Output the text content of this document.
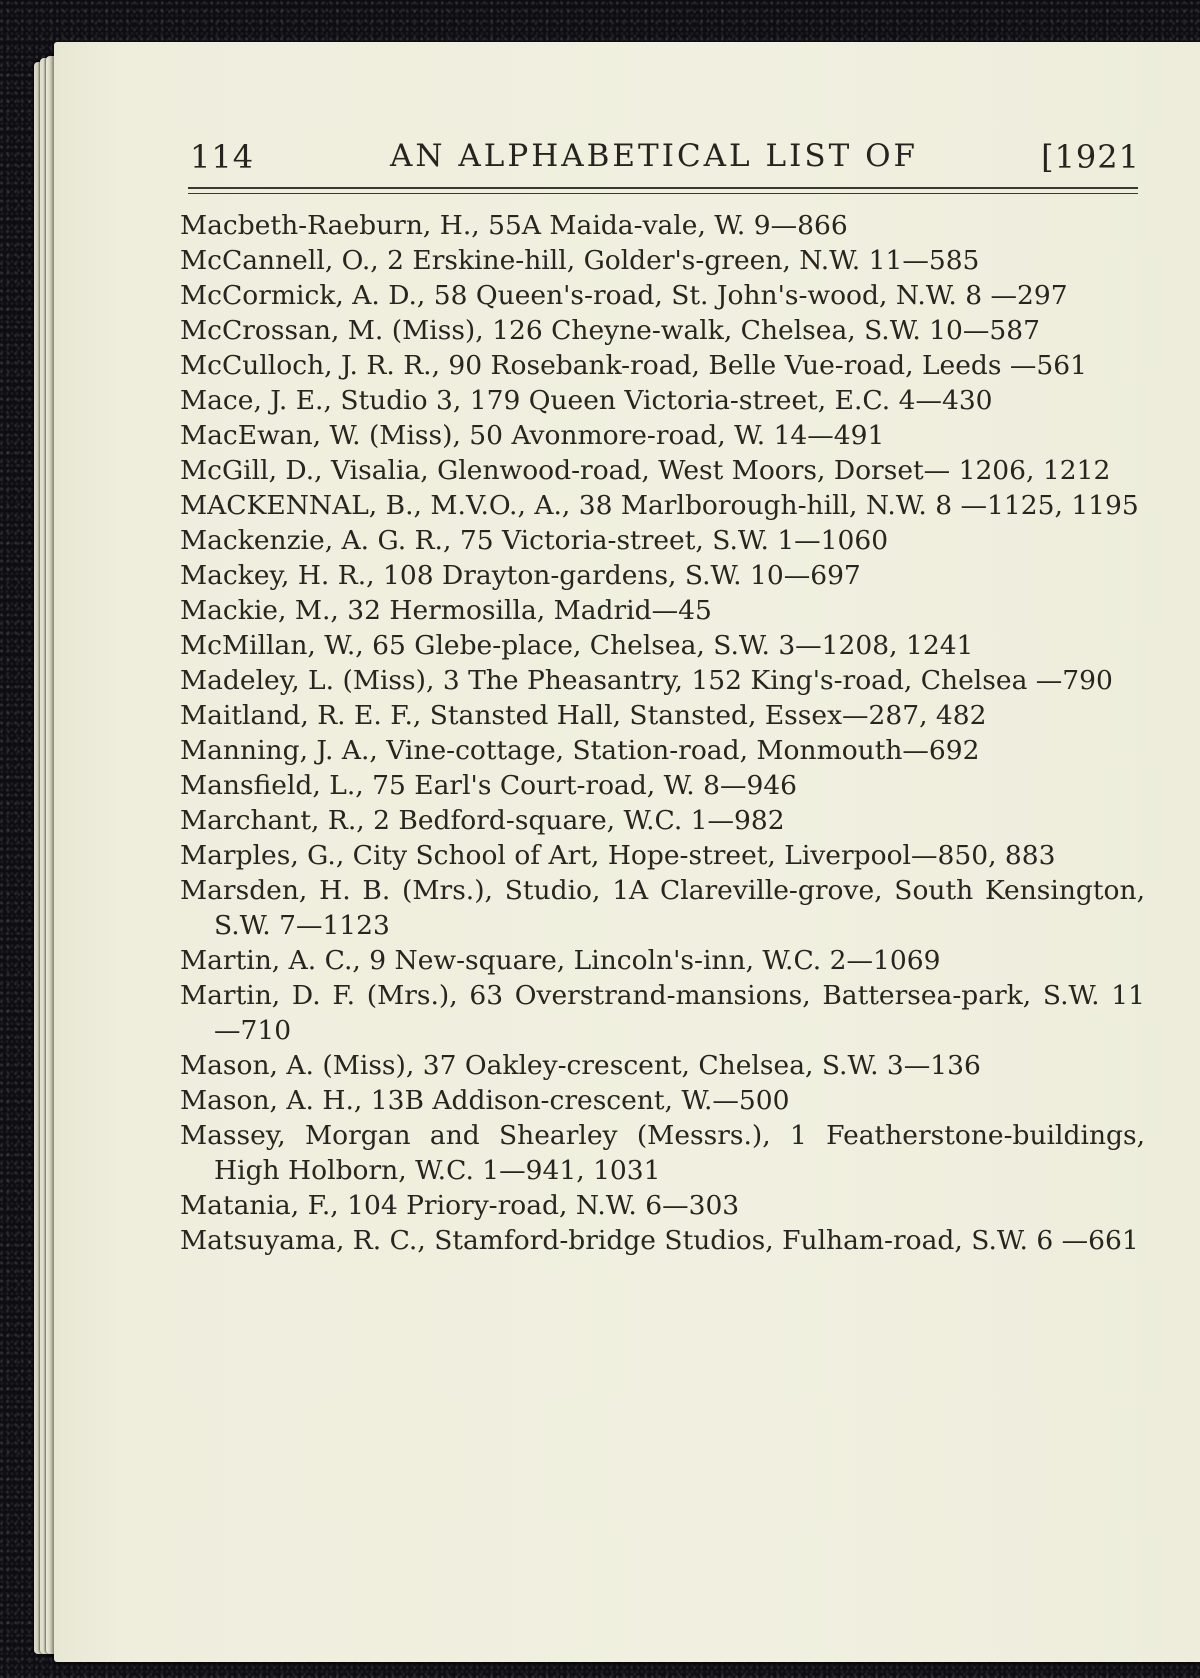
114	AN ALPHABETICAL LIST OF	[1921
Macbeth-Raeburn, H., 55A Maida-vale, W. 9—866
McCannell, O., 2 Erskine-hill, Golder's-green, N.W. 11—585
McCormick, A. D., 58 Queen's-road, St. John's-wood, N.W. 8 —297
McCrossan, M. (Miss), 126 Cheyne-walk, Chelsea, S.W. 10—587
McCulloch, J. R. R., 90 Rosebank-road, Belle Vue-road, Leeds —561
Mace, J. E., Studio 3, 179 Queen Victoria-street, E.C. 4—430
MacEwan, W. (Miss), 50 Avonmore-road, W. 14—491
McGill, D., Visalia, Glenwood-road, West Moors, Dorset— 1206, 1212
MACKENNAL, B., M.V.O., A., 38 Marlborough-hill, N.W. 8 —1125, 1195
Mackenzie, A. G. R., 75 Victoria-street, S.W. 1—1060
Mackey, H. R., 108 Drayton-gardens, S.W. 10—697
Mackie, M., 32 Hermosilla, Madrid—45
McMillan, W., 65 Glebe-place, Chelsea, S.W. 3—1208, 1241
Madeley, L. (Miss), 3 The Pheasantry, 152 King's-road, Chelsea —790
Maitland, R. E. F., Stansted Hall, Stansted, Essex—287, 482
Manning, J. A., Vine-cottage, Station-road, Monmouth—692
Mansfield, L., 75 Earl's Court-road, W. 8—946
Marchant, R., 2 Bedford-square, W.C. 1—982
Marples, G., City School of Art, Hope-street, Liverpool—850, 883
Marsden, H. B. (Mrs.), Studio, 1A Clareville-grove, South Kensington, S.W. 7—1123
Martin, A. C., 9 New-square, Lincoln's-inn, W.C. 2—1069
Martin, D. F. (Mrs.), 63 Overstrand-mansions, Battersea-park, S.W. 11—710
Mason, A. (Miss), 37 Oakley-crescent, Chelsea, S.W. 3—136
Mason, A. H., 13B Addison-crescent, W.—500
Massey, Morgan and Shearley (Messrs.), 1 Featherstone-buildings, High Holborn, W.C. 1—941, 1031
Matania, F., 104 Priory-road, N.W. 6—303
Matsuyama, R. C., Stamford-bridge Studios, Fulham-road, S.W. 6 —661
